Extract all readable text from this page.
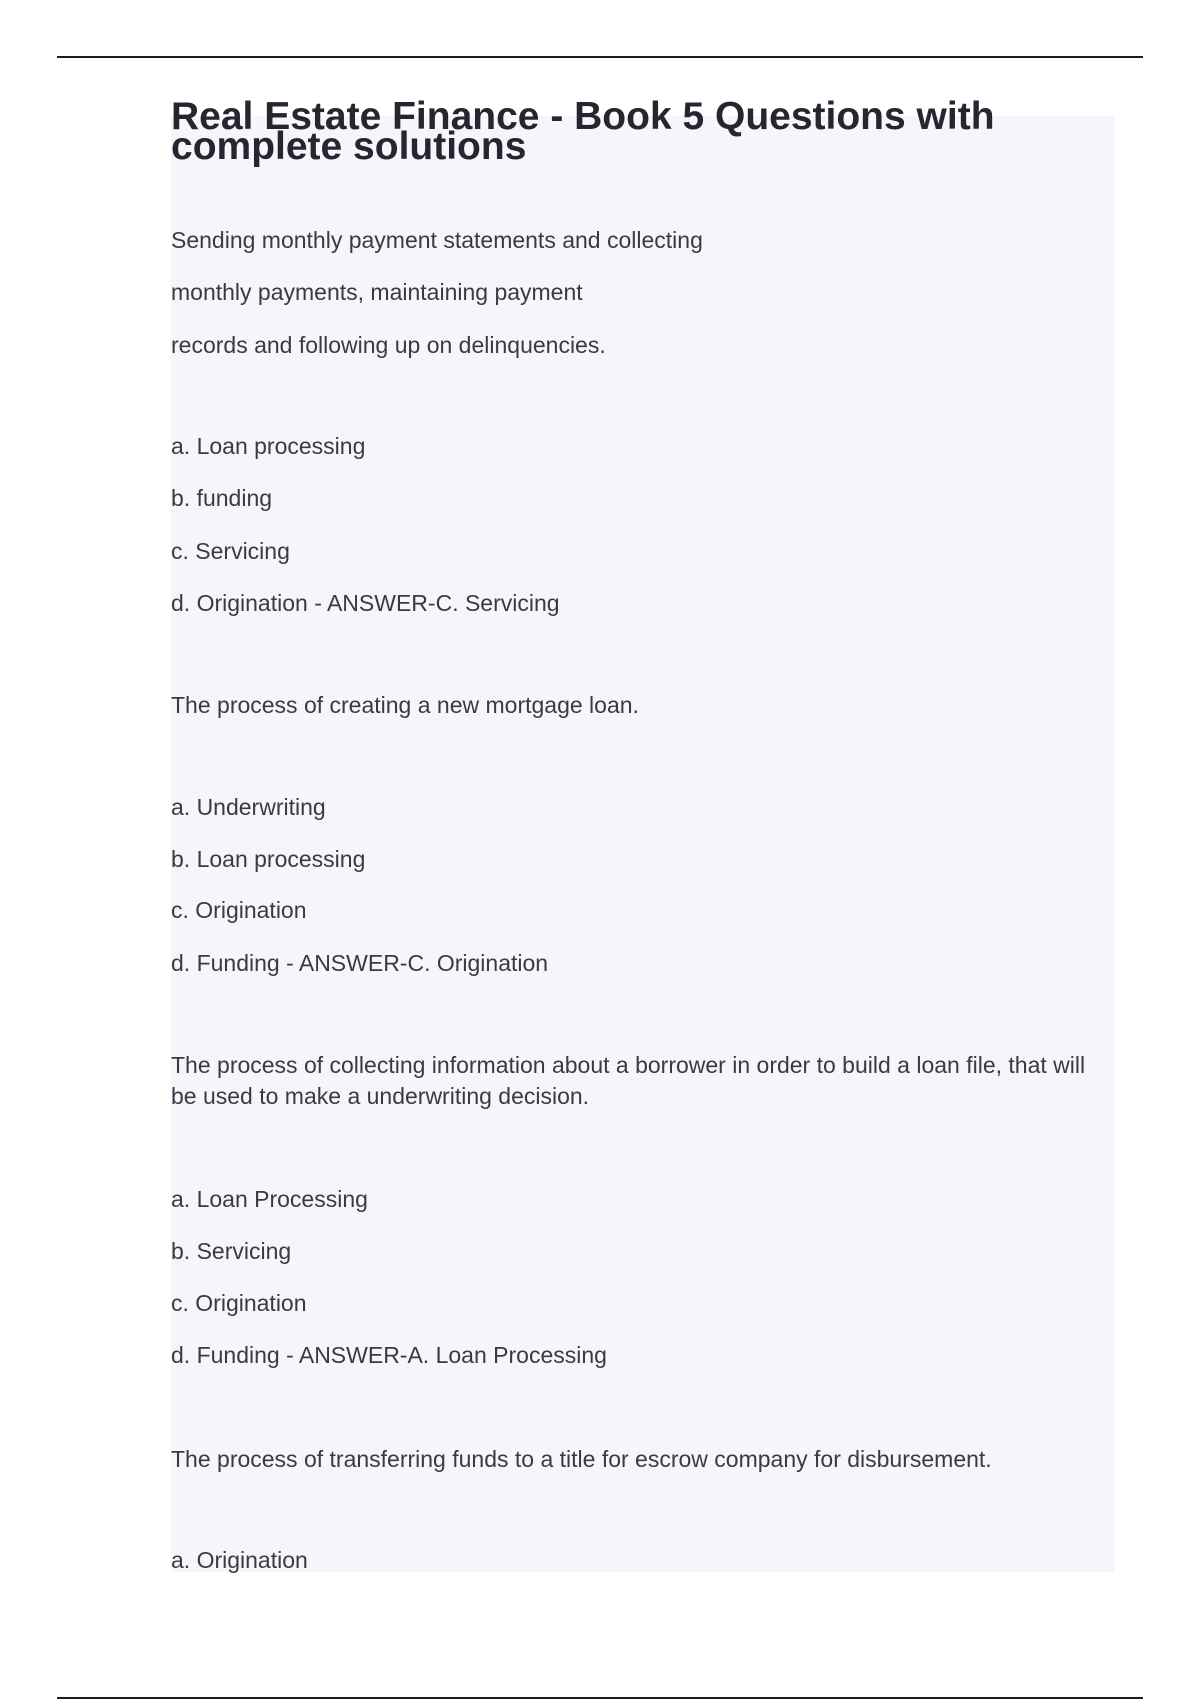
Real Estate Finance - Book 5 Questions with complete solutions

Sending monthly payment statements and collecting

monthly payments, maintaining payment

records and following up on delinquencies.

a. Loan processing

b. funding

c. Servicing

d. Origination - ANSWER-C. Servicing

The process of creating a new mortgage loan.

a. Underwriting

b. Loan processing

c. Origination

d. Funding - ANSWER-C. Origination

The process of collecting information about a borrower in order to build a loan file, that will be used to make a underwriting decision.

a. Loan Processing

b. Servicing

c. Origination

d. Funding - ANSWER-A. Loan Processing

The process of transferring funds to a title for escrow company for disbursement.

a. Origination
